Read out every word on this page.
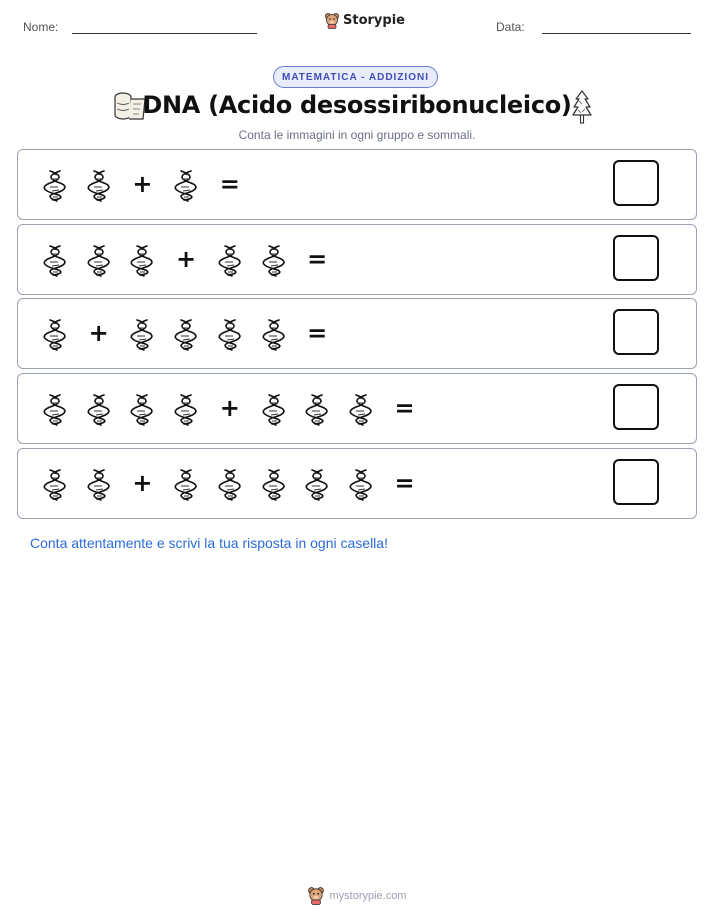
Nome:	Storypie	Data:
MATEMATICA - ADDIZIONI
DNA (Acido desossiribonucleico)
Conta le immagini in ogni gruppo e sommali.
+	=
+	=
+	=
+	=
+	=
Conta attentamente e scrivi la tua risposta in ogni casella!
mystorypie.com
